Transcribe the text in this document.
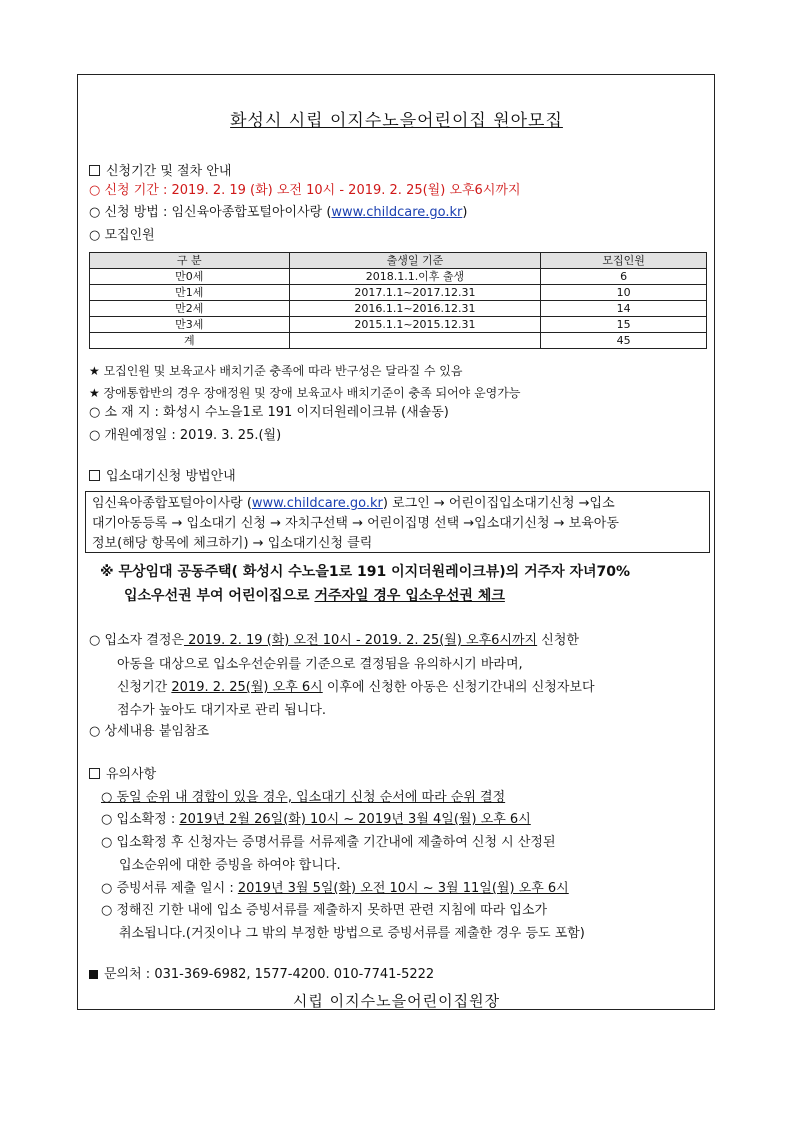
화성시 시립 이지수노을어린이집 원아모집
신청기간 및 절차 안내
○ 신청 기간 : 2019. 2. 19 (화) 오전 10시 - 2019. 2. 25(월) 오후6시까지
○ 신청 방법 : 임신육아종합포털아이사랑 (www.childcare.go.kr)
○ 모집인원
구 분	출생일 기준	모집인원
만0세	2018.1.1.이후 출생	6
만1세	2017.1.1~2017.12.31	10
만2세	2016.1.1~2016.12.31	14
만3세	2015.1.1~2015.12.31	15
계		45
★ 모집인원 및 보육교사 배치기준 충족에 따라 반구성은 달라질 수 있음
★ 장애통합반의 경우 장애정원 및 장애 보육교사 배치기준이 충족 되어야 운영가능
○ 소 재 지 : 화성시 수노을1로 191 이지더원레이크뷰 (새솔동)
○ 개원예정일 : 2019. 3. 25.(월)
입소대기신청 방법안내
임신육아종합포털아이사랑 (www.childcare.go.kr) 로그인 → 어린이집입소대기신청 →입소
대기아동등록 → 입소대기 신청 → 자치구선택 → 어린이집명 선택 →입소대기신청 → 보육아동
정보(해당 항목에 체크하기) → 입소대기신청 클릭
※ 무상임대 공동주택( 화성시 수노을1로 191 이지더원레이크뷰)의 거주자 자녀70%
입소우선권 부여 어린이집으로 거주자일 경우 입소우선권 체크
○ 입소자 결정은 2019. 2. 19 (화) 오전 10시 - 2019. 2. 25(월) 오후6시까지 신청한
아동을 대상으로 입소우선순위를 기준으로 결정됨을 유의하시기 바라며,
신청기간 2019. 2. 25(월) 오후 6시 이후에 신청한 아동은 신청기간내의 신청자보다
점수가 높아도 대기자로 관리 됩니다.
○ 상세내용 붙임참조
유의사항
○ 동일 순위 내 경합이 있을 경우, 입소대기 신청 순서에 따라 순위 결정
○ 입소확정 : 2019년 2월 26일(화) 10시 ~ 2019년 3월 4일(월) 오후 6시
○ 입소확정 후 신청자는 증명서류를 서류제출 기간내에 제출하여 신청 시 산정된
입소순위에 대한 증빙을 하여야 합니다.
○ 증빙서류 제출 일시 : 2019년 3월 5일(화) 오전 10시 ~ 3월 11일(월) 오후 6시
○ 정해진 기한 내에 입소 증빙서류를 제출하지 못하면 관련 지침에 따라 입소가
취소됩니다.(거짓이나 그 밖의 부정한 방법으로 증빙서류를 제출한 경우 등도 포함)
문의처 : 031-369-6982, 1577-4200. 010-7741-5222
시립 이지수노을어린이집원장
